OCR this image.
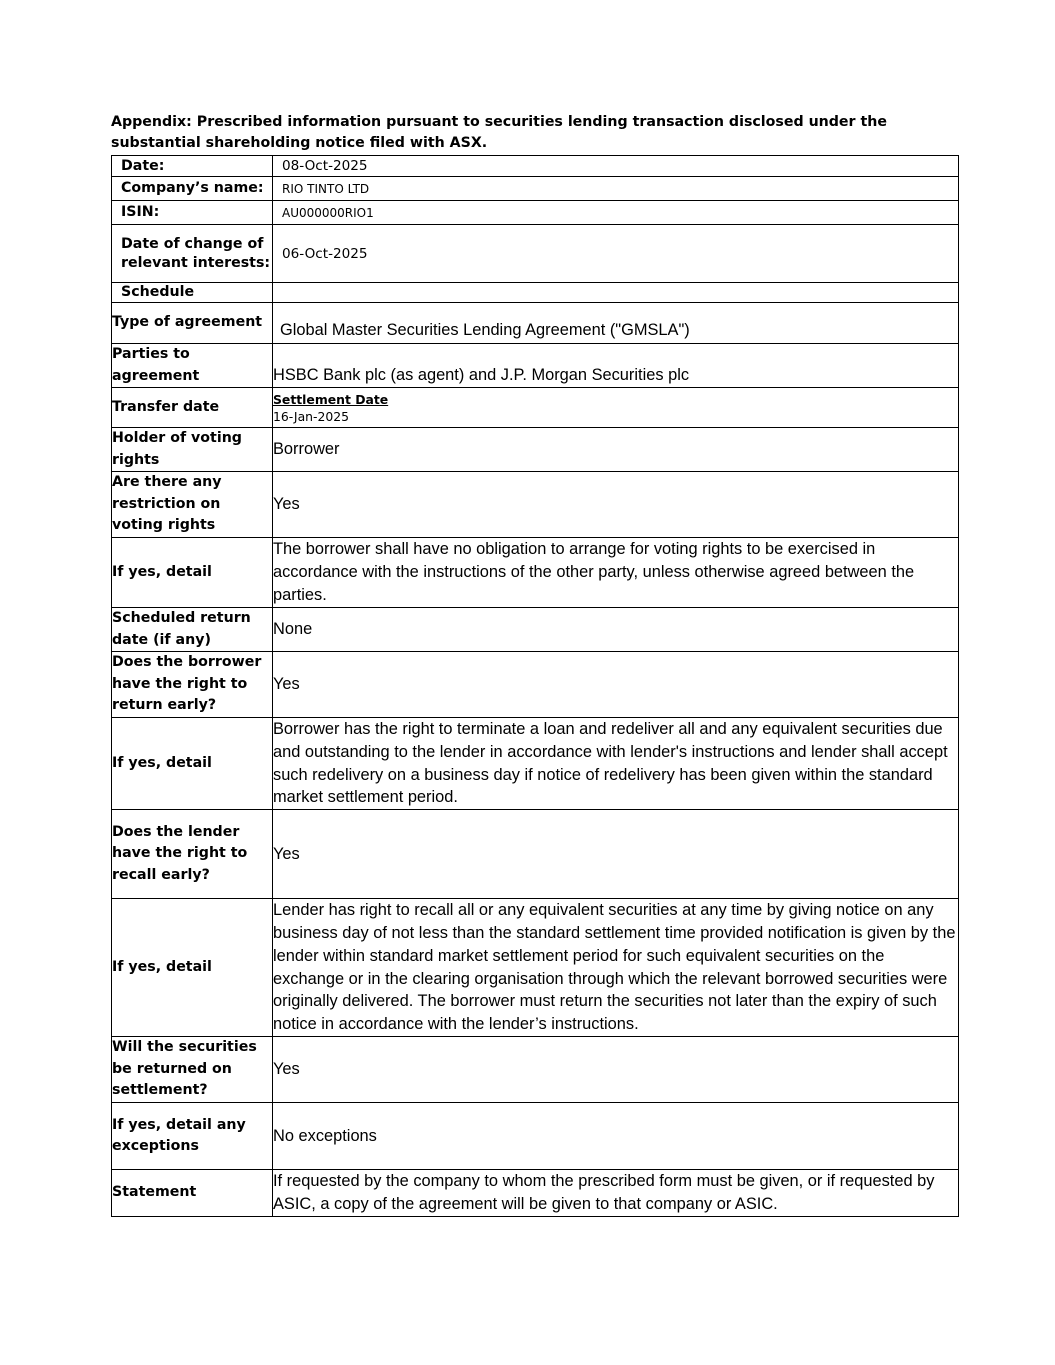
Appendix: Prescribed information pursuant to securities lending transaction disclosed under the substantial shareholding notice filed with ASX.
Date:	08-Oct-2025
Company’s name:	RIO TINTO LTD
ISIN:	AU000000RIO1
Date of change of relevant interests:	06-Oct-2025
Schedule	
Type of agreement	Global Master Securities Lending Agreement ("GMSLA")
Parties to agreement	HSBC Bank plc (as agent) and J.P. Morgan Securities plc
Transfer date	Settlement Date
16-Jan-2025

Holder of voting rights	Borrower
Are there any restriction on voting rights	Yes
If yes, detail	The borrower shall have no obligation to arrange for voting rights to be exercised in accordance with the instructions of the other party, unless otherwise agreed between the parties.
Scheduled return date (if any)	None
Does the borrower have the right to return early?	Yes
If yes, detail	Borrower has the right to terminate a loan and redeliver all and any equivalent securities due and outstanding to the lender in accordance with lender's instructions and lender shall accept such redelivery on a business day if notice of redelivery has been given within the standard market settlement period.
Does the lender have the right to recall early?	Yes
If yes, detail	Lender has right to recall all or any equivalent securities at any time by giving notice on any business day of not less than the standard settlement time provided notification is given by the lender within standard market settlement period for such equivalent securities on the exchange or in the clearing organisation through which the relevant borrowed securities were originally delivered. The borrower must return the securities not later than the expiry of such notice in accordance with the lender’s instructions.
Will the securities be returned on settlement?	Yes
If yes, detail any exceptions	No exceptions
Statement	If requested by the company to whom the prescribed form must be given, or if requested by ASIC, a copy of the agreement will be given to that company or ASIC.
